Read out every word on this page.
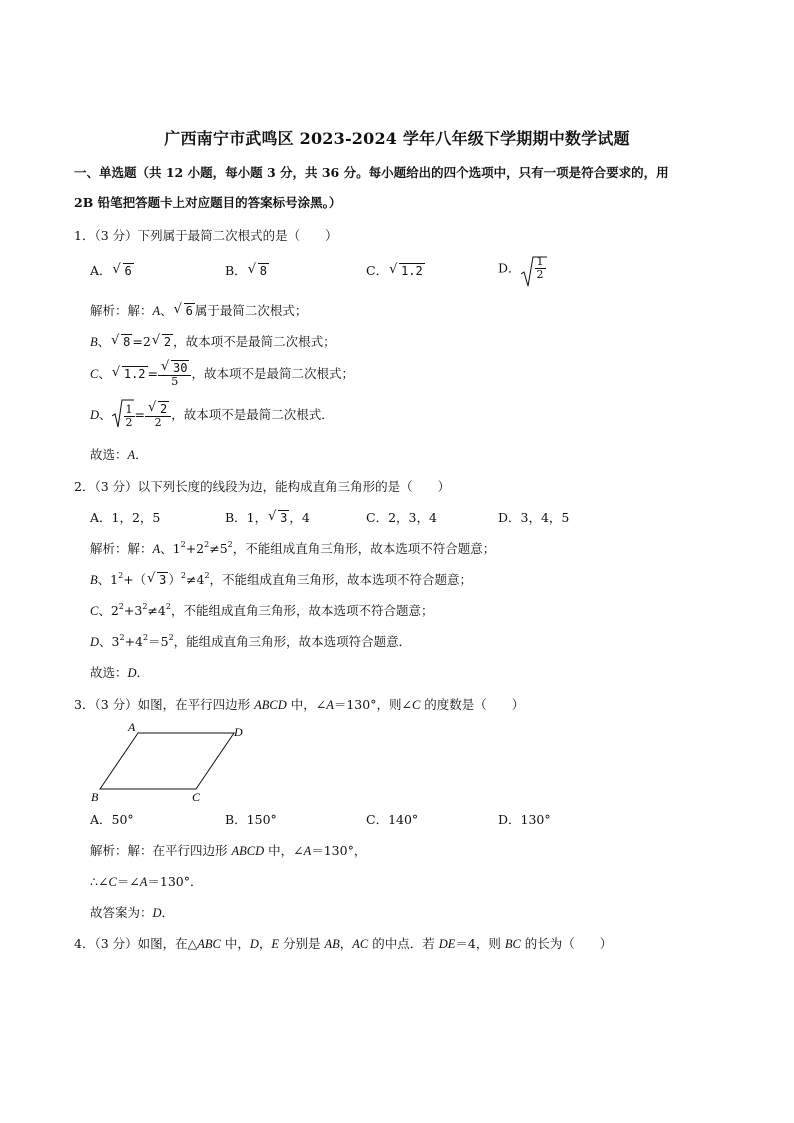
广西南宁市武鸣区 2023-2024 学年八年级下学期期中数学试题
一、单选题（共 12 小题，每小题 3 分，共 36 分。每小题给出的四个选项中，只有一项是符合要求的，用
2B 铅笔把答题卡上对应题目的答案标号涂黑。）
1．（3 分）下列属于最简二次根式的是（　　）
A．√ 6	B．√ 8	C．√ 1.2	D． $\frac{1}{2}$
解析：解：A、√ 6 属于最简二次根式；
B、√ 8 =2√ 2 ，故本项不是最简二次根式；
C、√ 1.2 =
√ $\frac{30}{5}$ ，故本项不是最简二次根式；
D、 $\frac{1}{2}$ =
√ $\frac{2}{2}$ ，故本项不是最简二次根式．
故选：A．
2．（3 分）以下列长度的线段为边，能构成直角三角形的是（　　）
A．1，2，5	B．1，√ 3 ，4	C．2，3，4	D．3，4，5
解析：解：A、$1^2+2^2\ne 5^2$，不能组成直角三角形，故本选项不符合题意；
B、$1^2+(√$ 3 ）$^2\ne 4^2$，不能组成直角三角形，故本选项不符合题意；
C、$2^2+3^2\ne 4^2$，不能组成直角三角形，故本选项不符合题意；
D、$3^2+4^2=5^2$，能组成直角三角形，故本选项符合题意．
故选：D．
3．（3 分）如图，在平行四边形 ABCD 中，∠A＝130°，则∠C 的度数是（　　）
A	D
B	C
A．50°	B．150°	C．140°	D．130°
解析：解：在平行四边形 ABCD 中，∠A＝130°，
∴∠C＝∠A＝130°．
故答案为：D．
4．（3 分）如图，在△ABC 中，D，E 分别是 AB，AC 的中点．若 DE＝4，则 BC 的长为（　　）
